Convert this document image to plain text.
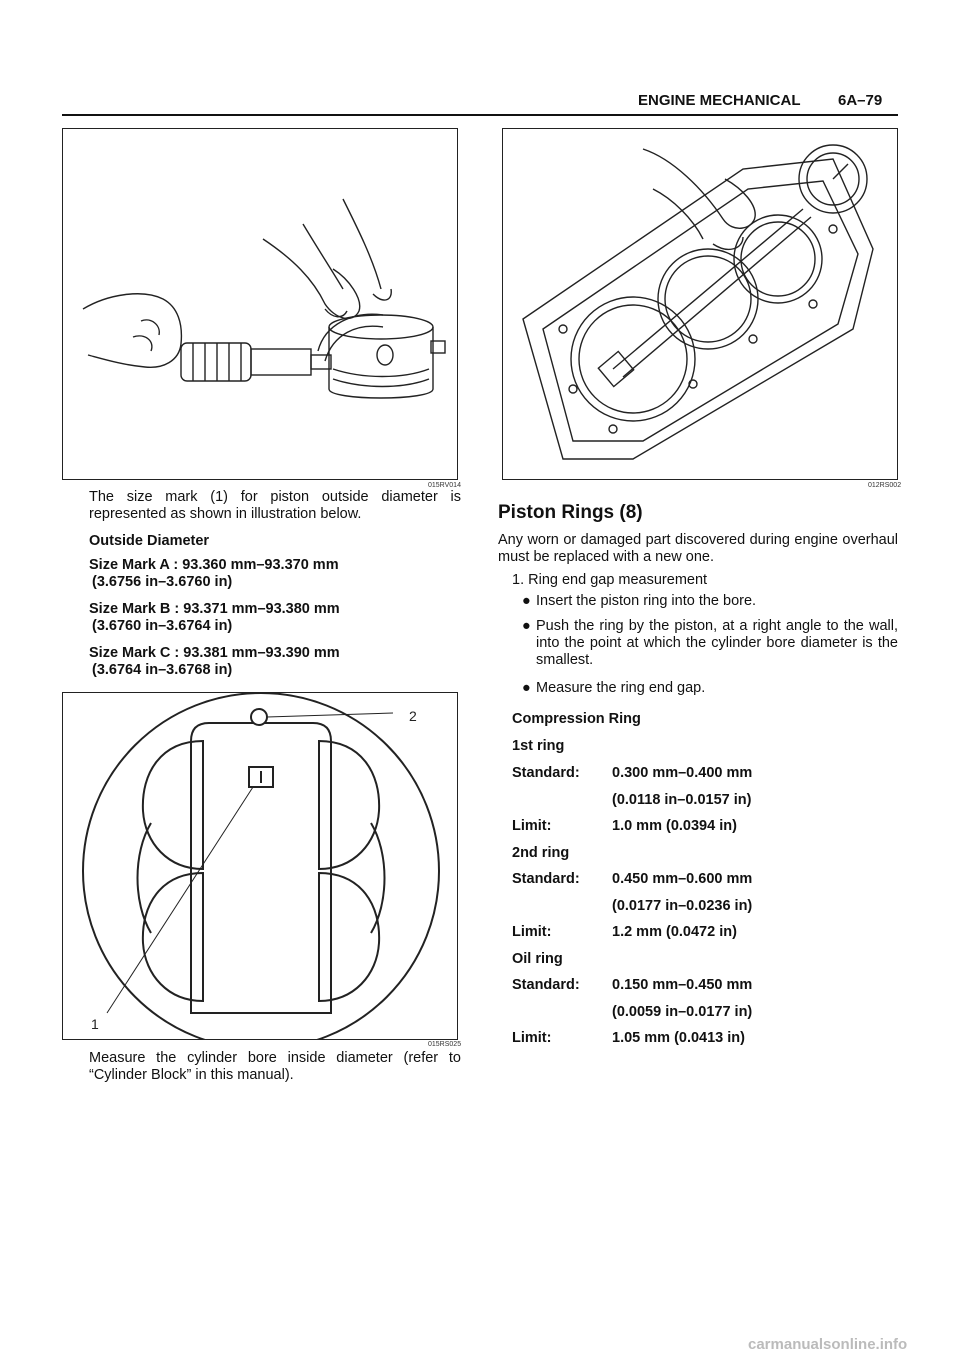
ENGINE MECHANICAL 6A–79
015RV014	012RS002
The size mark (1) for piston outside diameter is represented as shown in illustration below.
Outside Diameter
Size Mark A : 93.360 mm–93.370 mm
(3.6756 in–3.6760 in)
Size Mark B : 93.371 mm–93.380 mm
(3.6760 in–3.6764 in)
Size Mark C : 93.381 mm–93.390 mm
(3.6764 in–3.6768 in)
2
1
015RS025
Measure the cylinder bore inside diameter (refer to “Cylinder Block” in this manual).
Piston Rings (8)
Any worn or damaged part discovered during engine overhaul must be replaced with a new one.
1. Ring end gap measurement
● Insert the piston ring into the bore.
● Push the ring by the piston, at a right angle to the wall, into the point at which the cylinder bore diameter is the smallest.
● Measure the ring end gap.
Compression Ring
1st ring
Standard: 0.300 mm–0.400 mm
(0.0118 in–0.0157 in)
Limit:	1.0 mm (0.0394 in)
2nd ring
Standard: 0.450 mm–0.600 mm
(0.0177 in–0.0236 in)
Limit:	1.2 mm (0.0472 in)
Oil ring
Standard: 0.150 mm–0.450 mm
(0.0059 in–0.0177 in)
Limit:	1.05 mm (0.0413 in)
carmanualsonline.info
